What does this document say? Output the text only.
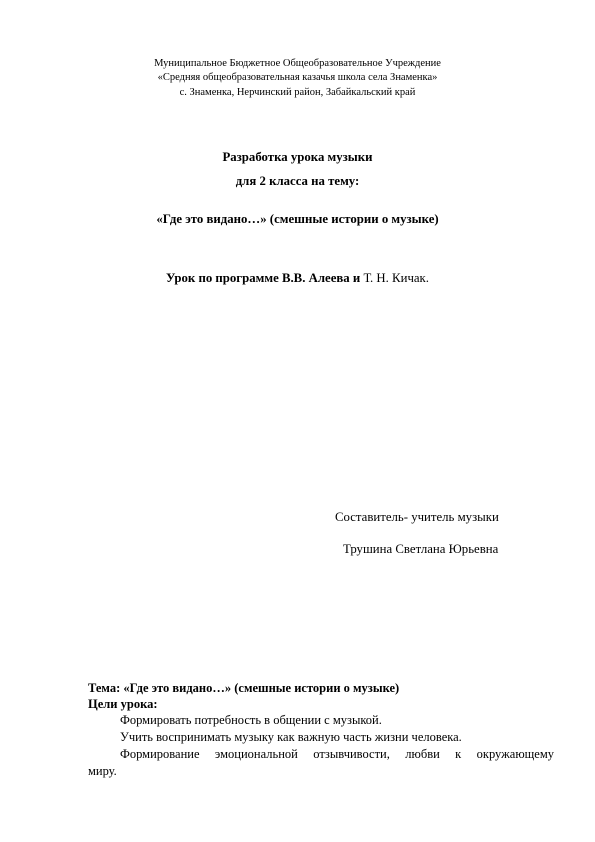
Муниципальное Бюджетное Общеобразовательное Учреждение
«Средняя общеобразовательная казачья школа села Знаменка»
с. Знаменка, Нерчинский район, Забайкальский край
Разработка урока музыки
для 2 класса на тему:
«Где это видано…» (смешные истории о музыке)
Урок по программе В.В. Алеева и Т. Н. Кичак.
Составитель- учитель музыки
Трушина Светлана Юрьевна
Тема: «Где это видано…» (смешные истории о музыке)
Цели урока:
Формировать потребность в общении с музыкой.
Учить воспринимать музыку как важную часть жизни человека.
Формирование эмоциональной отзывчивости, любви к окружающему
миру.
